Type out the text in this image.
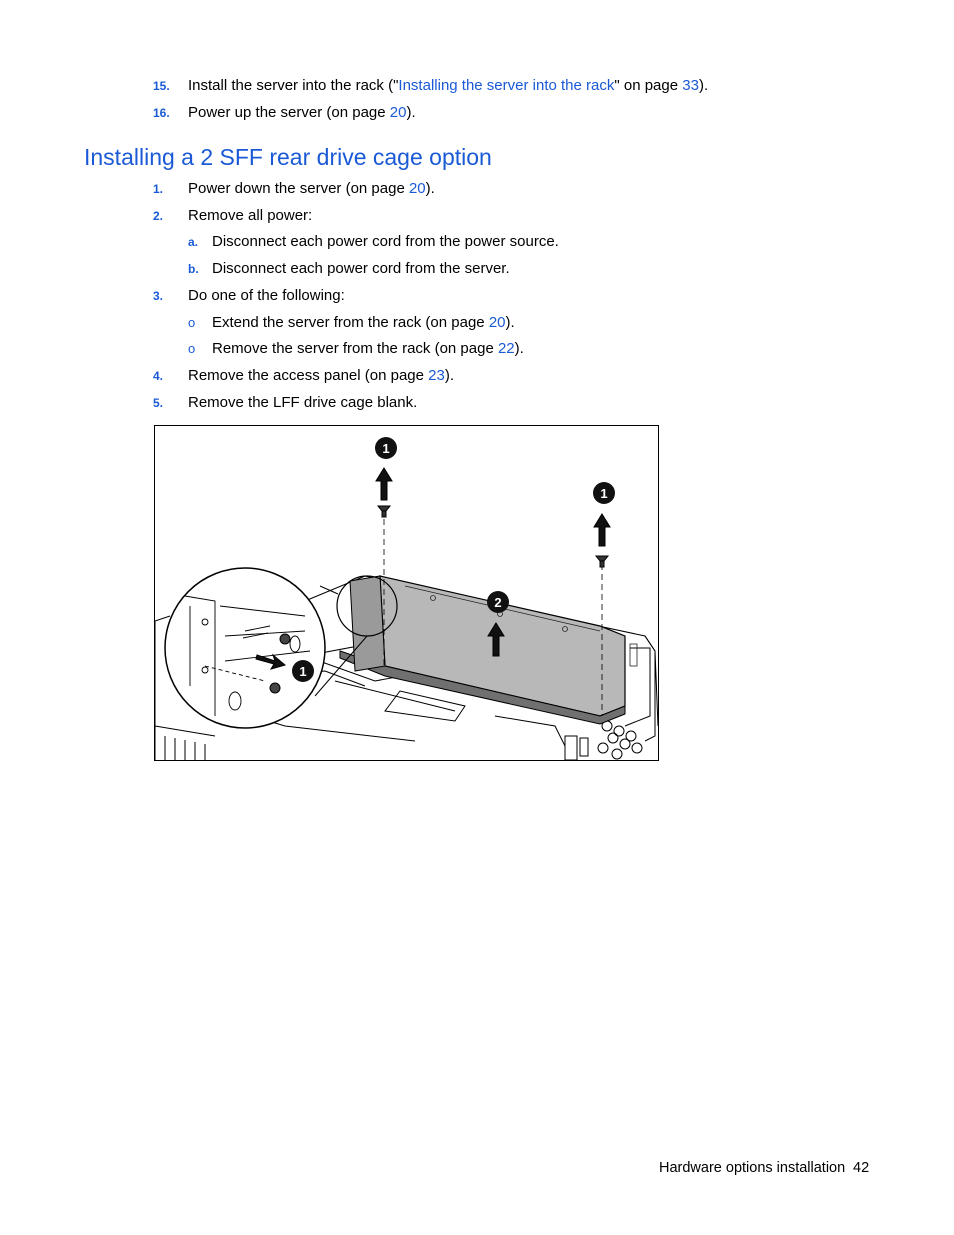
15. Install the server into the rack ("Installing the server into the rack" on page 33).
16. Power up the server (on page 20).
Installing a 2 SFF rear drive cage option
1. Power down the server (on page 20).
2. Remove all power:
a. Disconnect each power cord from the power source.
b. Disconnect each power cord from the server.
3. Do one of the following:
o Extend the server from the rack (on page 20).
o Remove the server from the rack (on page 22).
4. Remove the access panel (on page 23).
5. Remove the LFF drive cage blank.
1
1
2
1
Hardware options installation 42
